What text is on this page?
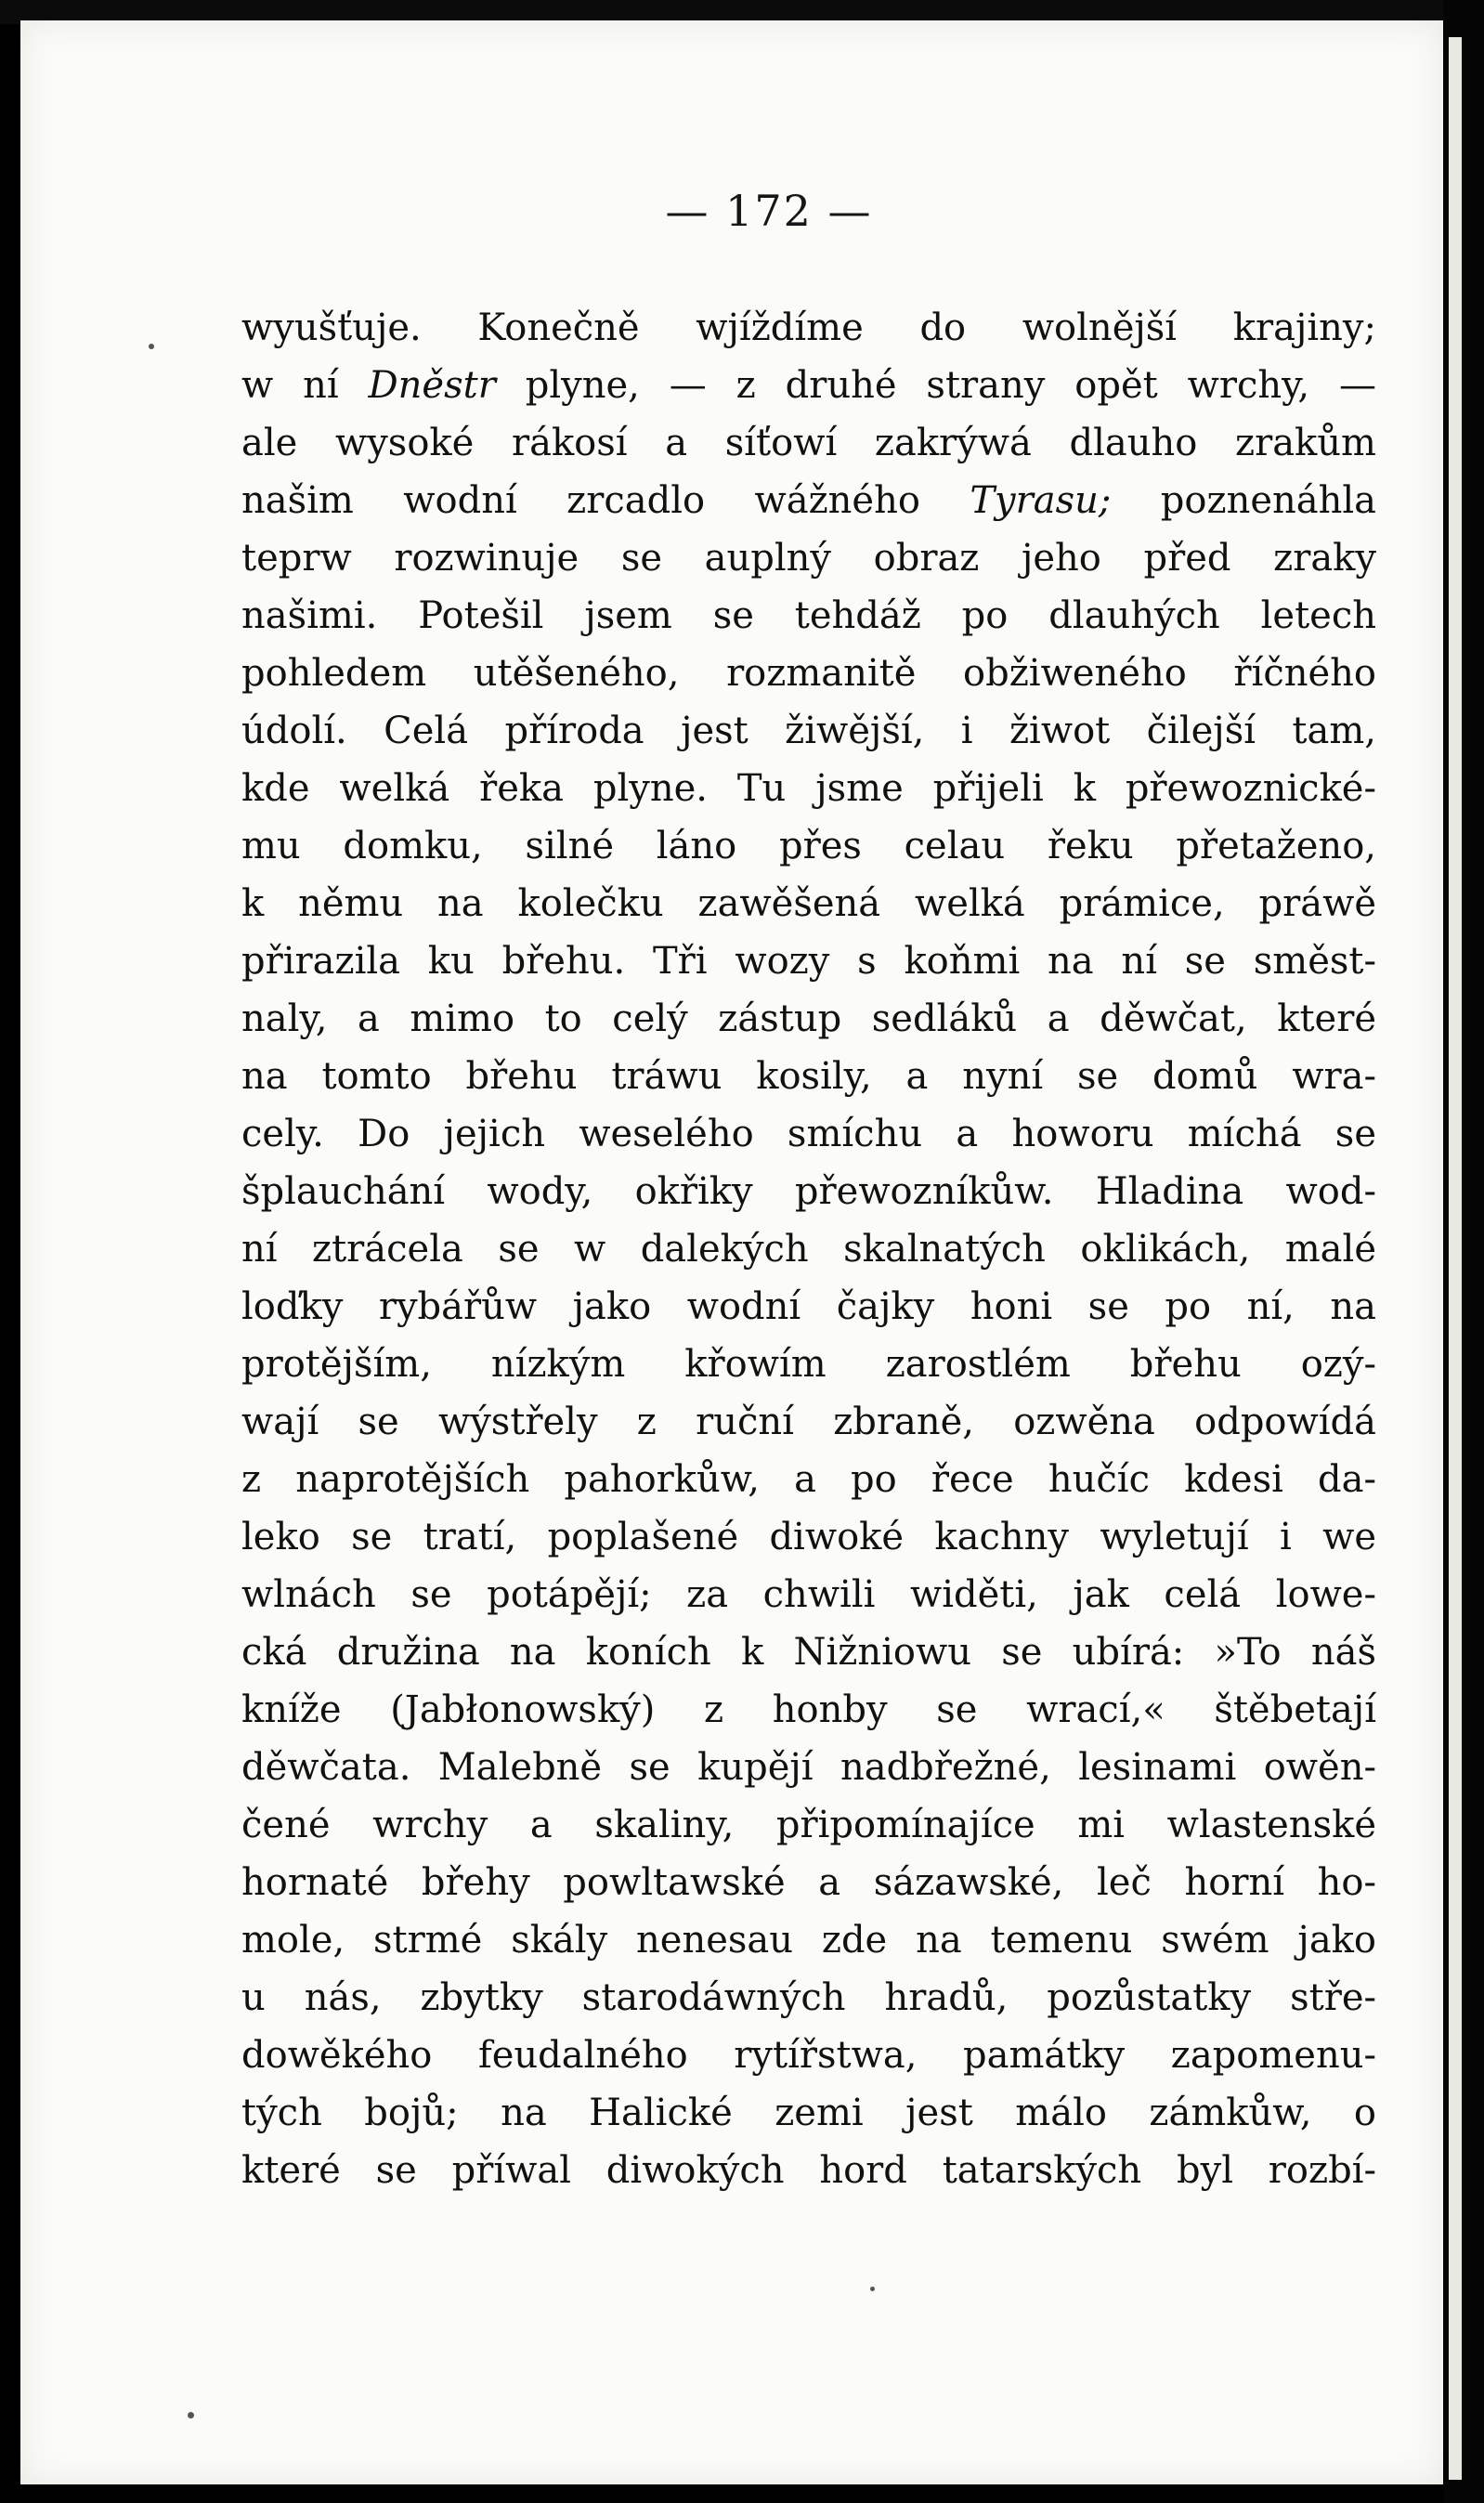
— 172 —
wyušťuje. Konečně wjíždíme do wolnější krajiny;
w ní Dněstr plyne, — z druhé strany opět wrchy, —
ale wysoké rákosí a síťowí zakrýwá dlauho zrakům
našim wodní zrcadlo wážného Tyrasu; poznenáhla
teprw rozwinuje se auplný obraz jeho před zraky
našimi. Potešil jsem se tehdáž po dlauhých letech
pohledem utěšeného, rozmanitě obžiweného říčného
údolí. Celá příroda jest žiwější, i žiwot čilejší tam,
kde welká řeka plyne. Tu jsme přijeli k přewoznické-
mu domku, silné láno přes celau řeku přetaženo,
k němu na kolečku zawěšená welká prámice, práwě
přirazila ku břehu. Tři wozy s koňmi na ní se směst-
naly, a mimo to celý zástup sedláků a děwčat, které
na tomto břehu tráwu kosily, a nyní se domů wra-
cely. Do jejich weselého smíchu a howoru míchá se
šplauchání wody, okřiky přewozníkůw. Hladina wod-
ní ztrácela se w dalekých skalnatých oklikách, malé
loďky rybářůw jako wodní čajky honi se po ní, na
protějším, nízkým křowím zarostlém břehu ozý-
wají se wýstřely z ruční zbraně, ozwěna odpowídá
z naprotějších pahorkůw, a po řece hučíc kdesi da-
leko se tratí, poplašené diwoké kachny wyletují i we
wlnách se potápějí; za chwili widěti, jak celá lowe-
cká družina na koních k Nižniowu se ubírá: »To náš
kníže (Jabłonowský) z honby se wrací,« štěbetají
děwčata. Malebně se kupějí nadbřežné, lesinami owěn-
čené wrchy a skaliny, připomínajíce mi wlastenské
hornaté břehy powltawské a sázawské, leč horní ho-
mole, strmé skály nenesau zde na temenu swém jako
u nás, zbytky starodáwných hradů, pozůstatky stře-
dowěkého feudalného rytířstwa, památky zapomenu-
tých bojů; na Halické zemi jest málo zámkůw, o
které se příwal diwokých hord tatarských byl rozbí-
